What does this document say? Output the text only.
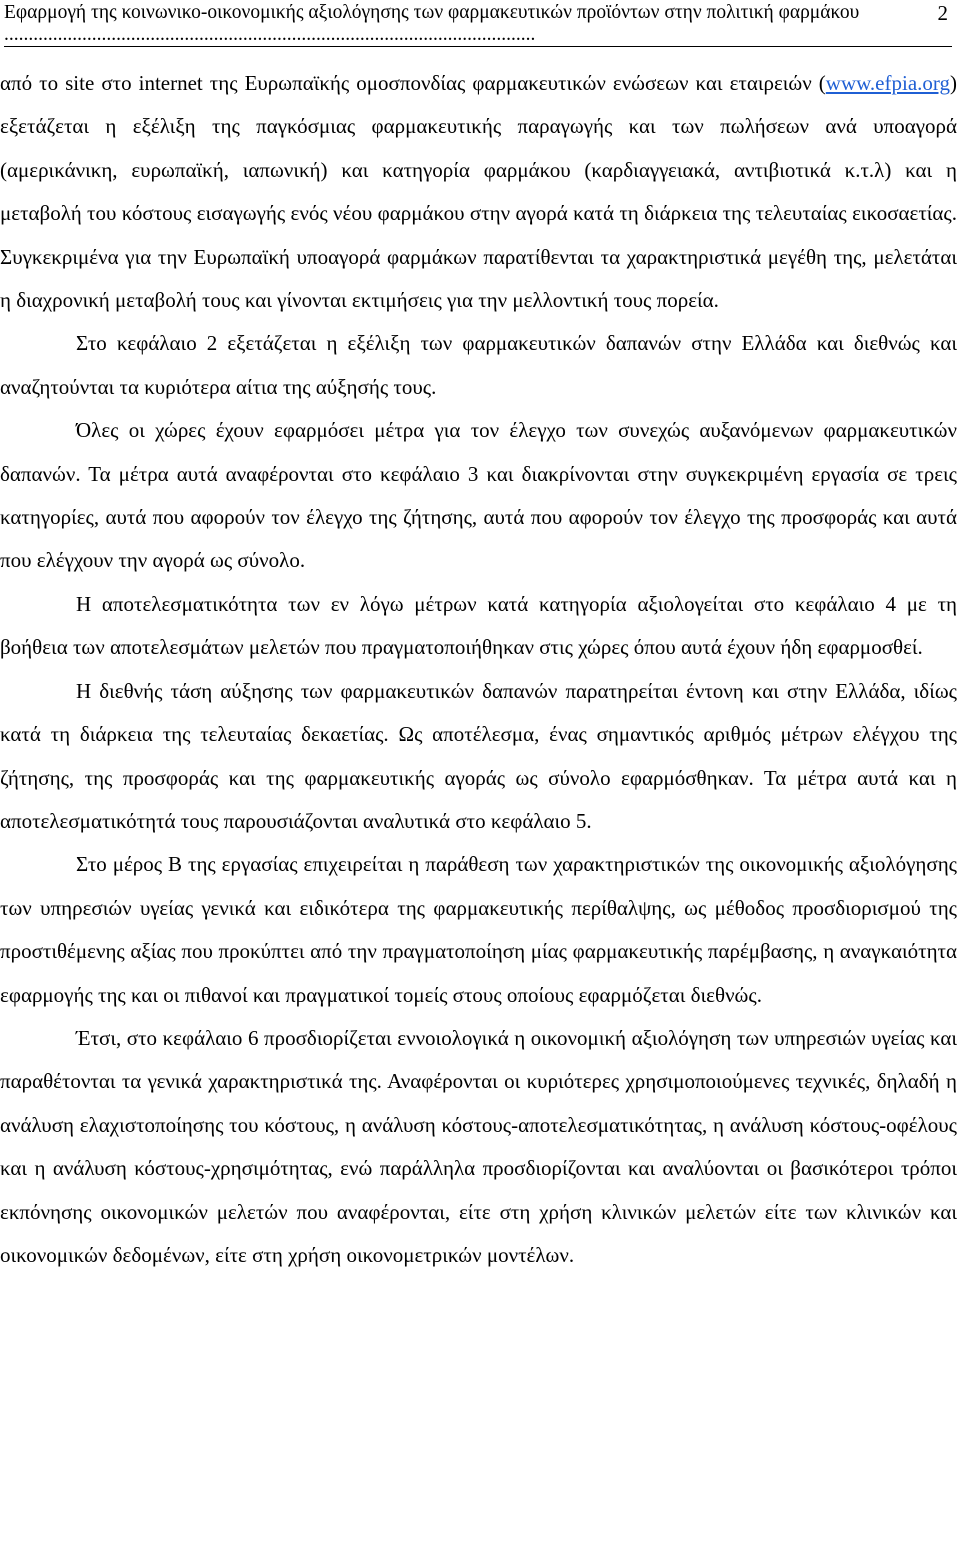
Εφαρμογή της κοινωνικο-οικονομικής αξιολόγησης των φαρμακευτικών προϊόντων στην πολιτική φαρμάκου .............................................................................................................
2

από το site στο internet της Ευρωπαϊκής ομοσπονδίας φαρμακευτικών ενώσεων και εταιρειών (www.efpia.org) εξετάζεται η εξέλιξη της παγκόσμιας φαρμακευτικής παραγωγής και των πωλήσεων ανά υποαγορά (αμερικάνικη, ευρωπαϊκή, ιαπωνική) και κατηγορία φαρμάκου (καρδιαγγειακά, αντιβιοτικά κ.τ.λ) και η μεταβολή του κόστους εισαγωγής ενός νέου φαρμάκου στην αγορά κατά τη διάρκεια της τελευταίας εικοσαετίας. Συγκεκριμένα για την Ευρωπαϊκή υποαγορά φαρμάκων παρατίθενται τα χαρακτηριστικά μεγέθη της, μελετάται η διαχρονική μεταβολή τους και γίνονται εκτιμήσεις για την μελλοντική τους πορεία.

Στο κεφάλαιο 2 εξετάζεται η εξέλιξη των φαρμακευτικών δαπανών στην Ελλάδα και διεθνώς και αναζητούνται τα κυριότερα αίτια της αύξησής τους.

Όλες οι χώρες έχουν εφαρμόσει μέτρα για τον έλεγχο των συνεχώς αυξανόμενων φαρμακευτικών δαπανών. Τα μέτρα αυτά αναφέρονται στο κεφάλαιο 3 και διακρίνονται στην συγκεκριμένη εργασία σε τρεις κατηγορίες, αυτά που αφορούν τον έλεγχο της ζήτησης, αυτά που αφορούν τον έλεγχο της προσφοράς και αυτά που ελέγχουν την αγορά ως σύνολο.

Η αποτελεσματικότητα των εν λόγω μέτρων κατά κατηγορία αξιολογείται στο κεφάλαιο 4 με τη βοήθεια των αποτελεσμάτων μελετών που πραγματοποιήθηκαν στις χώρες όπου αυτά έχουν ήδη εφαρμοσθεί.

Η διεθνής τάση αύξησης των φαρμακευτικών δαπανών παρατηρείται έντονη και στην Ελλάδα, ιδίως κατά τη διάρκεια της τελευταίας δεκαετίας. Ως αποτέλεσμα, ένας σημαντικός αριθμός μέτρων ελέγχου της ζήτησης, της προσφοράς και της φαρμακευτικής αγοράς ως σύνολο εφαρμόσθηκαν. Τα μέτρα αυτά και η αποτελεσματικότητά τους παρουσιάζονται αναλυτικά στο κεφάλαιο 5.

Στο μέρος Β της εργασίας επιχειρείται η παράθεση των χαρακτηριστικών της οικονομικής αξιολόγησης των υπηρεσιών υγείας γενικά και ειδικότερα της φαρμακευτικής περίθαλψης, ως μέθοδος προσδιορισμού της προστιθέμενης αξίας που προκύπτει από την πραγματοποίηση μίας φαρμακευτικής παρέμβασης, η αναγκαιότητα εφαρμογής της και οι πιθανοί και πραγματικοί τομείς στους οποίους εφαρμόζεται διεθνώς.

Έτσι, στο κεφάλαιο 6 προσδιορίζεται εννοιολογικά η οικονομική αξιολόγηση των υπηρεσιών υγείας και παραθέτονται τα γενικά χαρακτηριστικά της. Αναφέρονται οι κυριότερες χρησιμοποιούμενες τεχνικές, δηλαδή η ανάλυση ελαχιστοποίησης του κόστους, η ανάλυση κόστους-αποτελεσματικότητας, η ανάλυση κόστους-οφέλους και η ανάλυση κόστους-χρησιμότητας, ενώ παράλληλα προσδιορίζονται και αναλύονται οι βασικότεροι τρόποι εκπόνησης οικονομικών μελετών που αναφέρονται, είτε στη χρήση κλινικών μελετών είτε των κλινικών και οικονομικών δεδομένων, είτε στη χρήση οικονομετρικών μοντέλων.
